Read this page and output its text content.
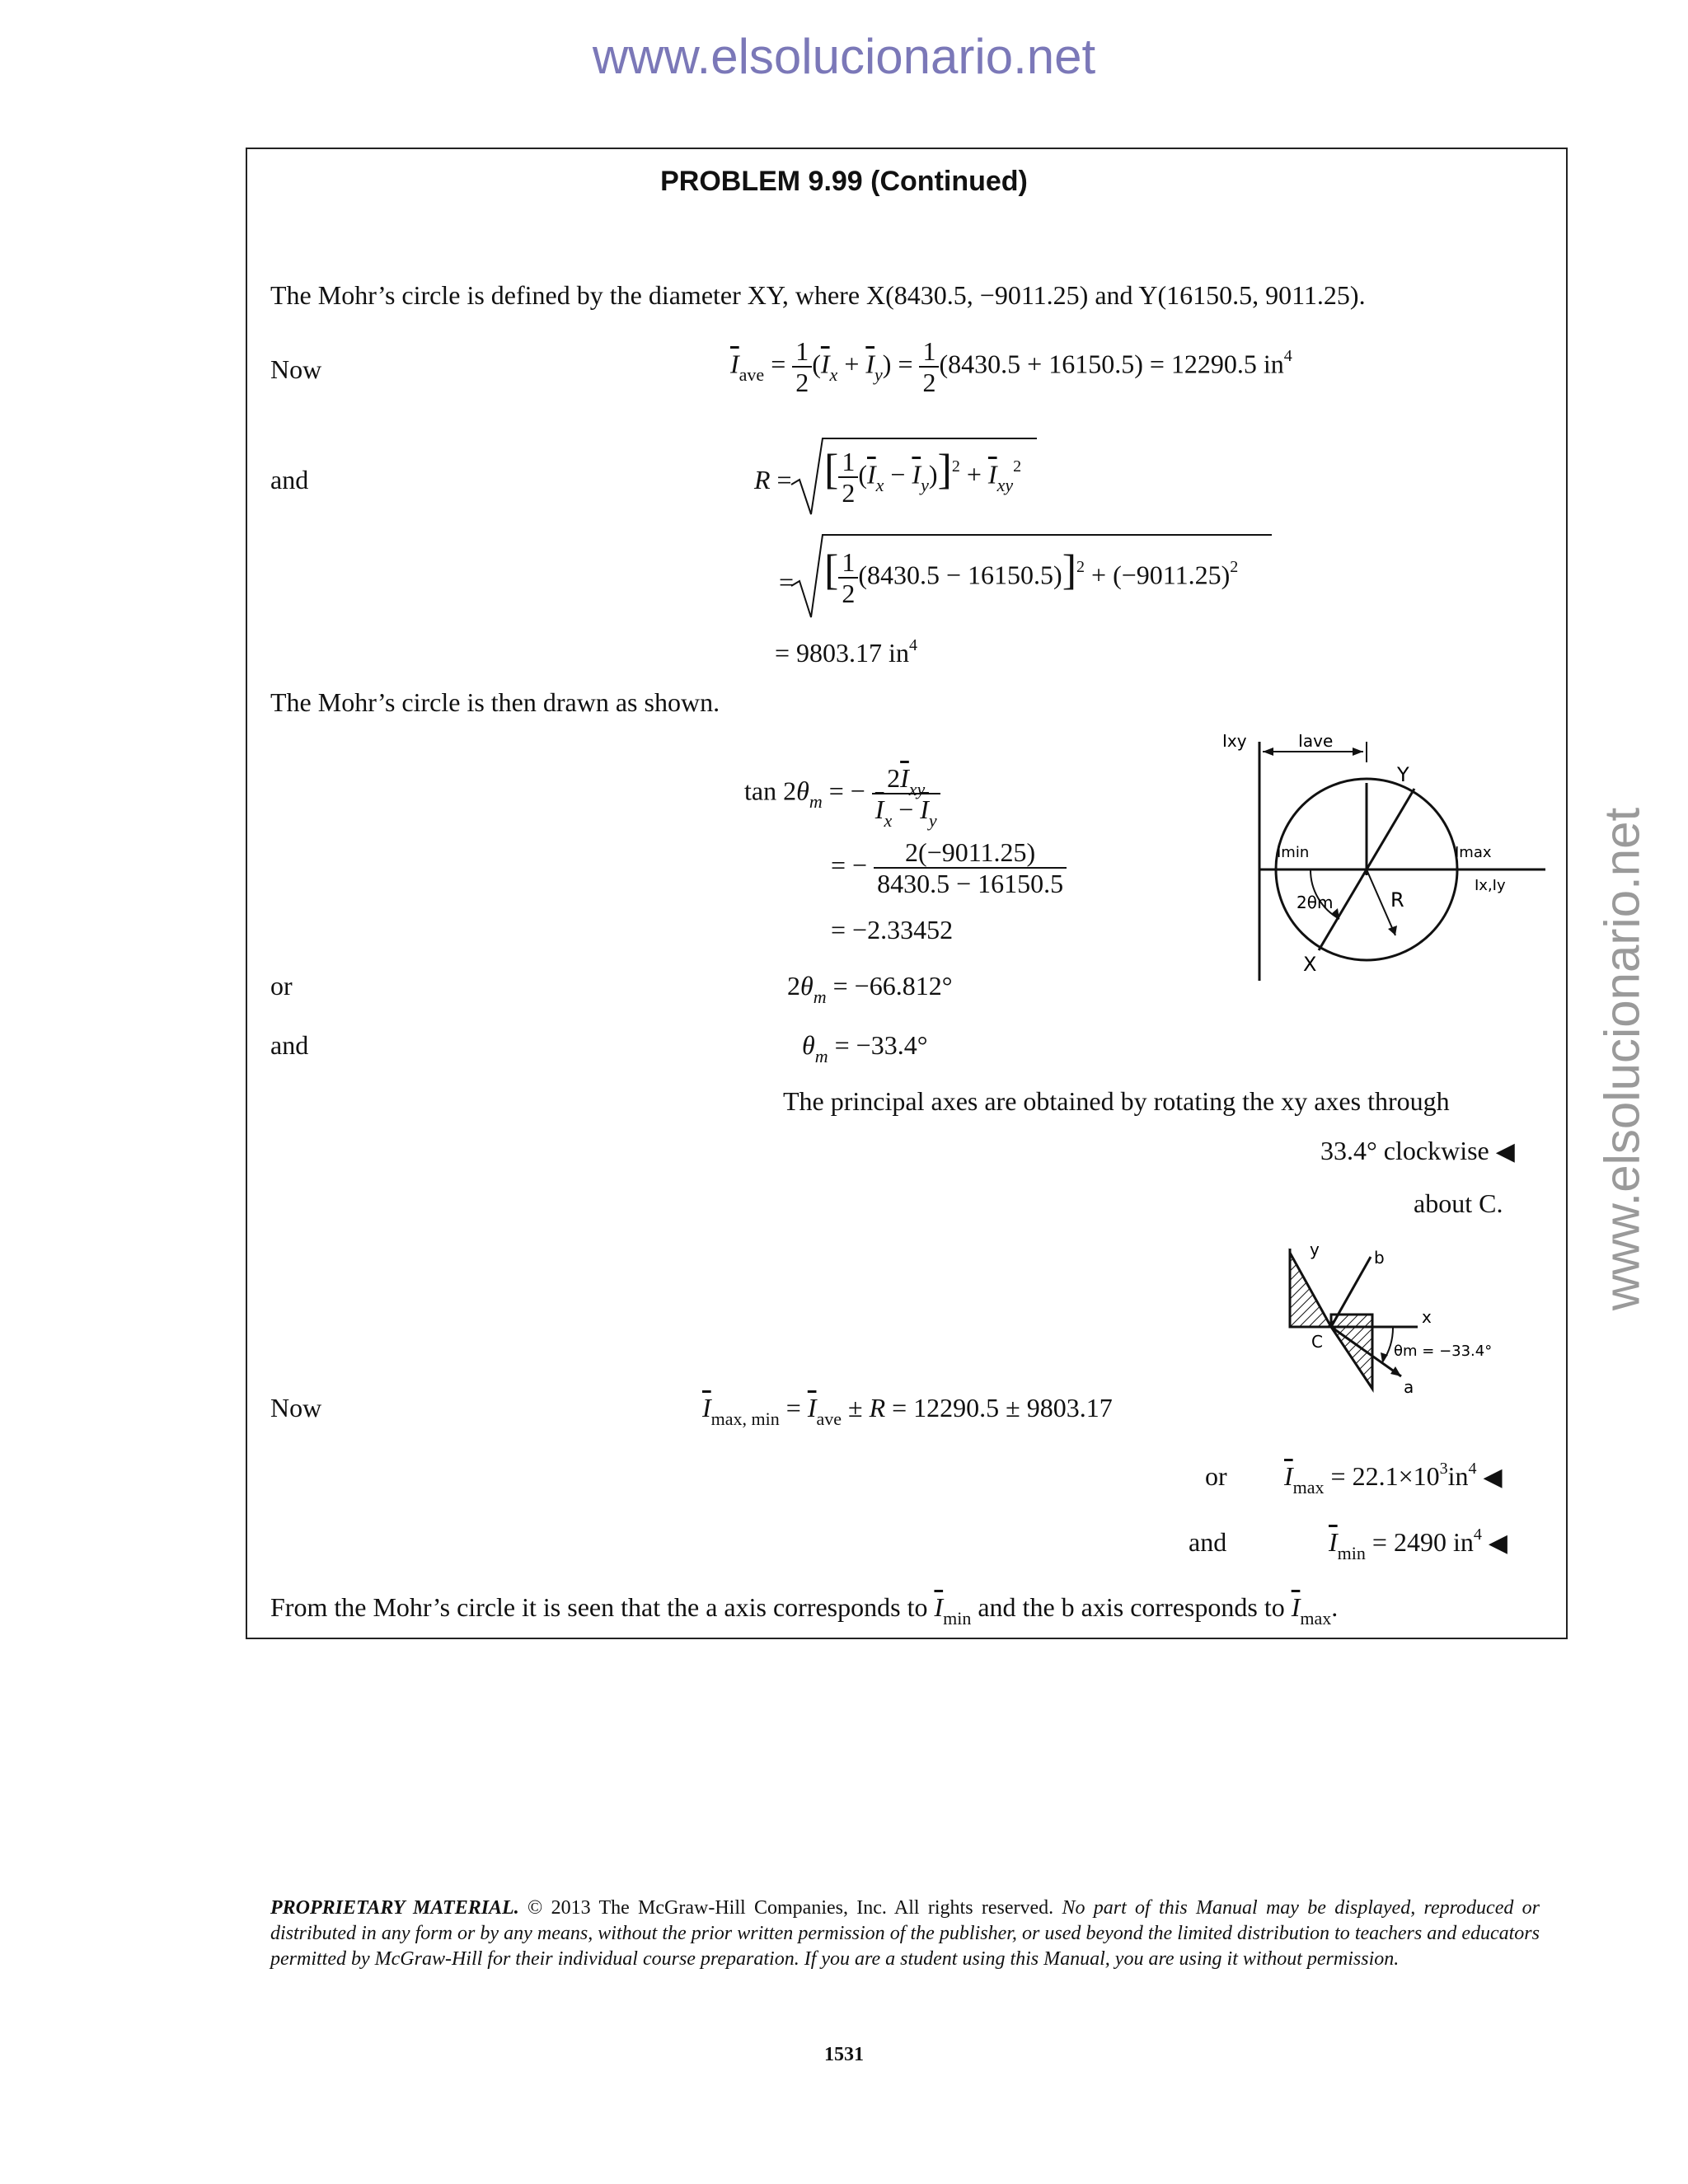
www.elsolucionario.net
www.elsolucionario.net
PROBLEM 9.99 (Continued)
The Mohr’s circle is defined by the diameter XY, where X(8430.5, −9011.25) and Y(16150.5, 9011.25).
Now	$\overline{I}_{ave} = \frac{1}{2} (\overline{I}_x + \overline{I}_y) = \frac{1}{2} (8430.5 + 16150.5) = 12290.5$ $in^4$
and	R = [ $\frac{1}{2} (\overline{I}_x - \overline{I}_y)]^2 + \overline{I}_{xy}^2$
= [ $\frac{1}{2} (8430.5 - 16150.5)]^2 + (-9011.25)^2$
= 9803.17 $in^4$
The Mohr’s circle is then drawn as shown.
$\tan 2\theta_m$ = − $\frac{2\overline{I}_{xy}}{\overline{I}_x - \overline{I}_y}$
= − $\frac{2(-9011.25)}{8430.5 - 16150.5}$
= −2.33452
or	$2\theta_m = -66.812^\circ$
and	$\theta_m = -33.4^\circ$
The principal axes are obtained by rotating the xy axes through
33.4° clockwise ◀
about C.
Ixy	Iave
Y
X
Imin	Imax
Ix,Iy
2θm	R
y	b
x
C
a
θm = −33.4°
Now	$\overline{I}_{max, min} = \overline{I}_{ave} \pm R = 12290.5 \pm 9803.17$
or $\overline{I}_{max} = 22.1\times 10^3in^4$ ◀
and	$\overline{I}_{min} = 2490$ $in^4$ ◀
From the Mohr’s circle it is seen that the a axis corresponds to $\overline{I}_{min}$ and the b axis corresponds to $\overline{I}_{max}$.
PROPRIETARY MATERIAL. © 2013 The McGraw-Hill Companies, Inc. All rights reserved. No part of this Manual may be displayed, reproduced or distributed in any form or by any means, without the prior written permission of the publisher, or used beyond the limited distribution to teachers and educators permitted by McGraw-Hill for their individual course preparation. If you are a student using this Manual, you are using it without permission.
1531
